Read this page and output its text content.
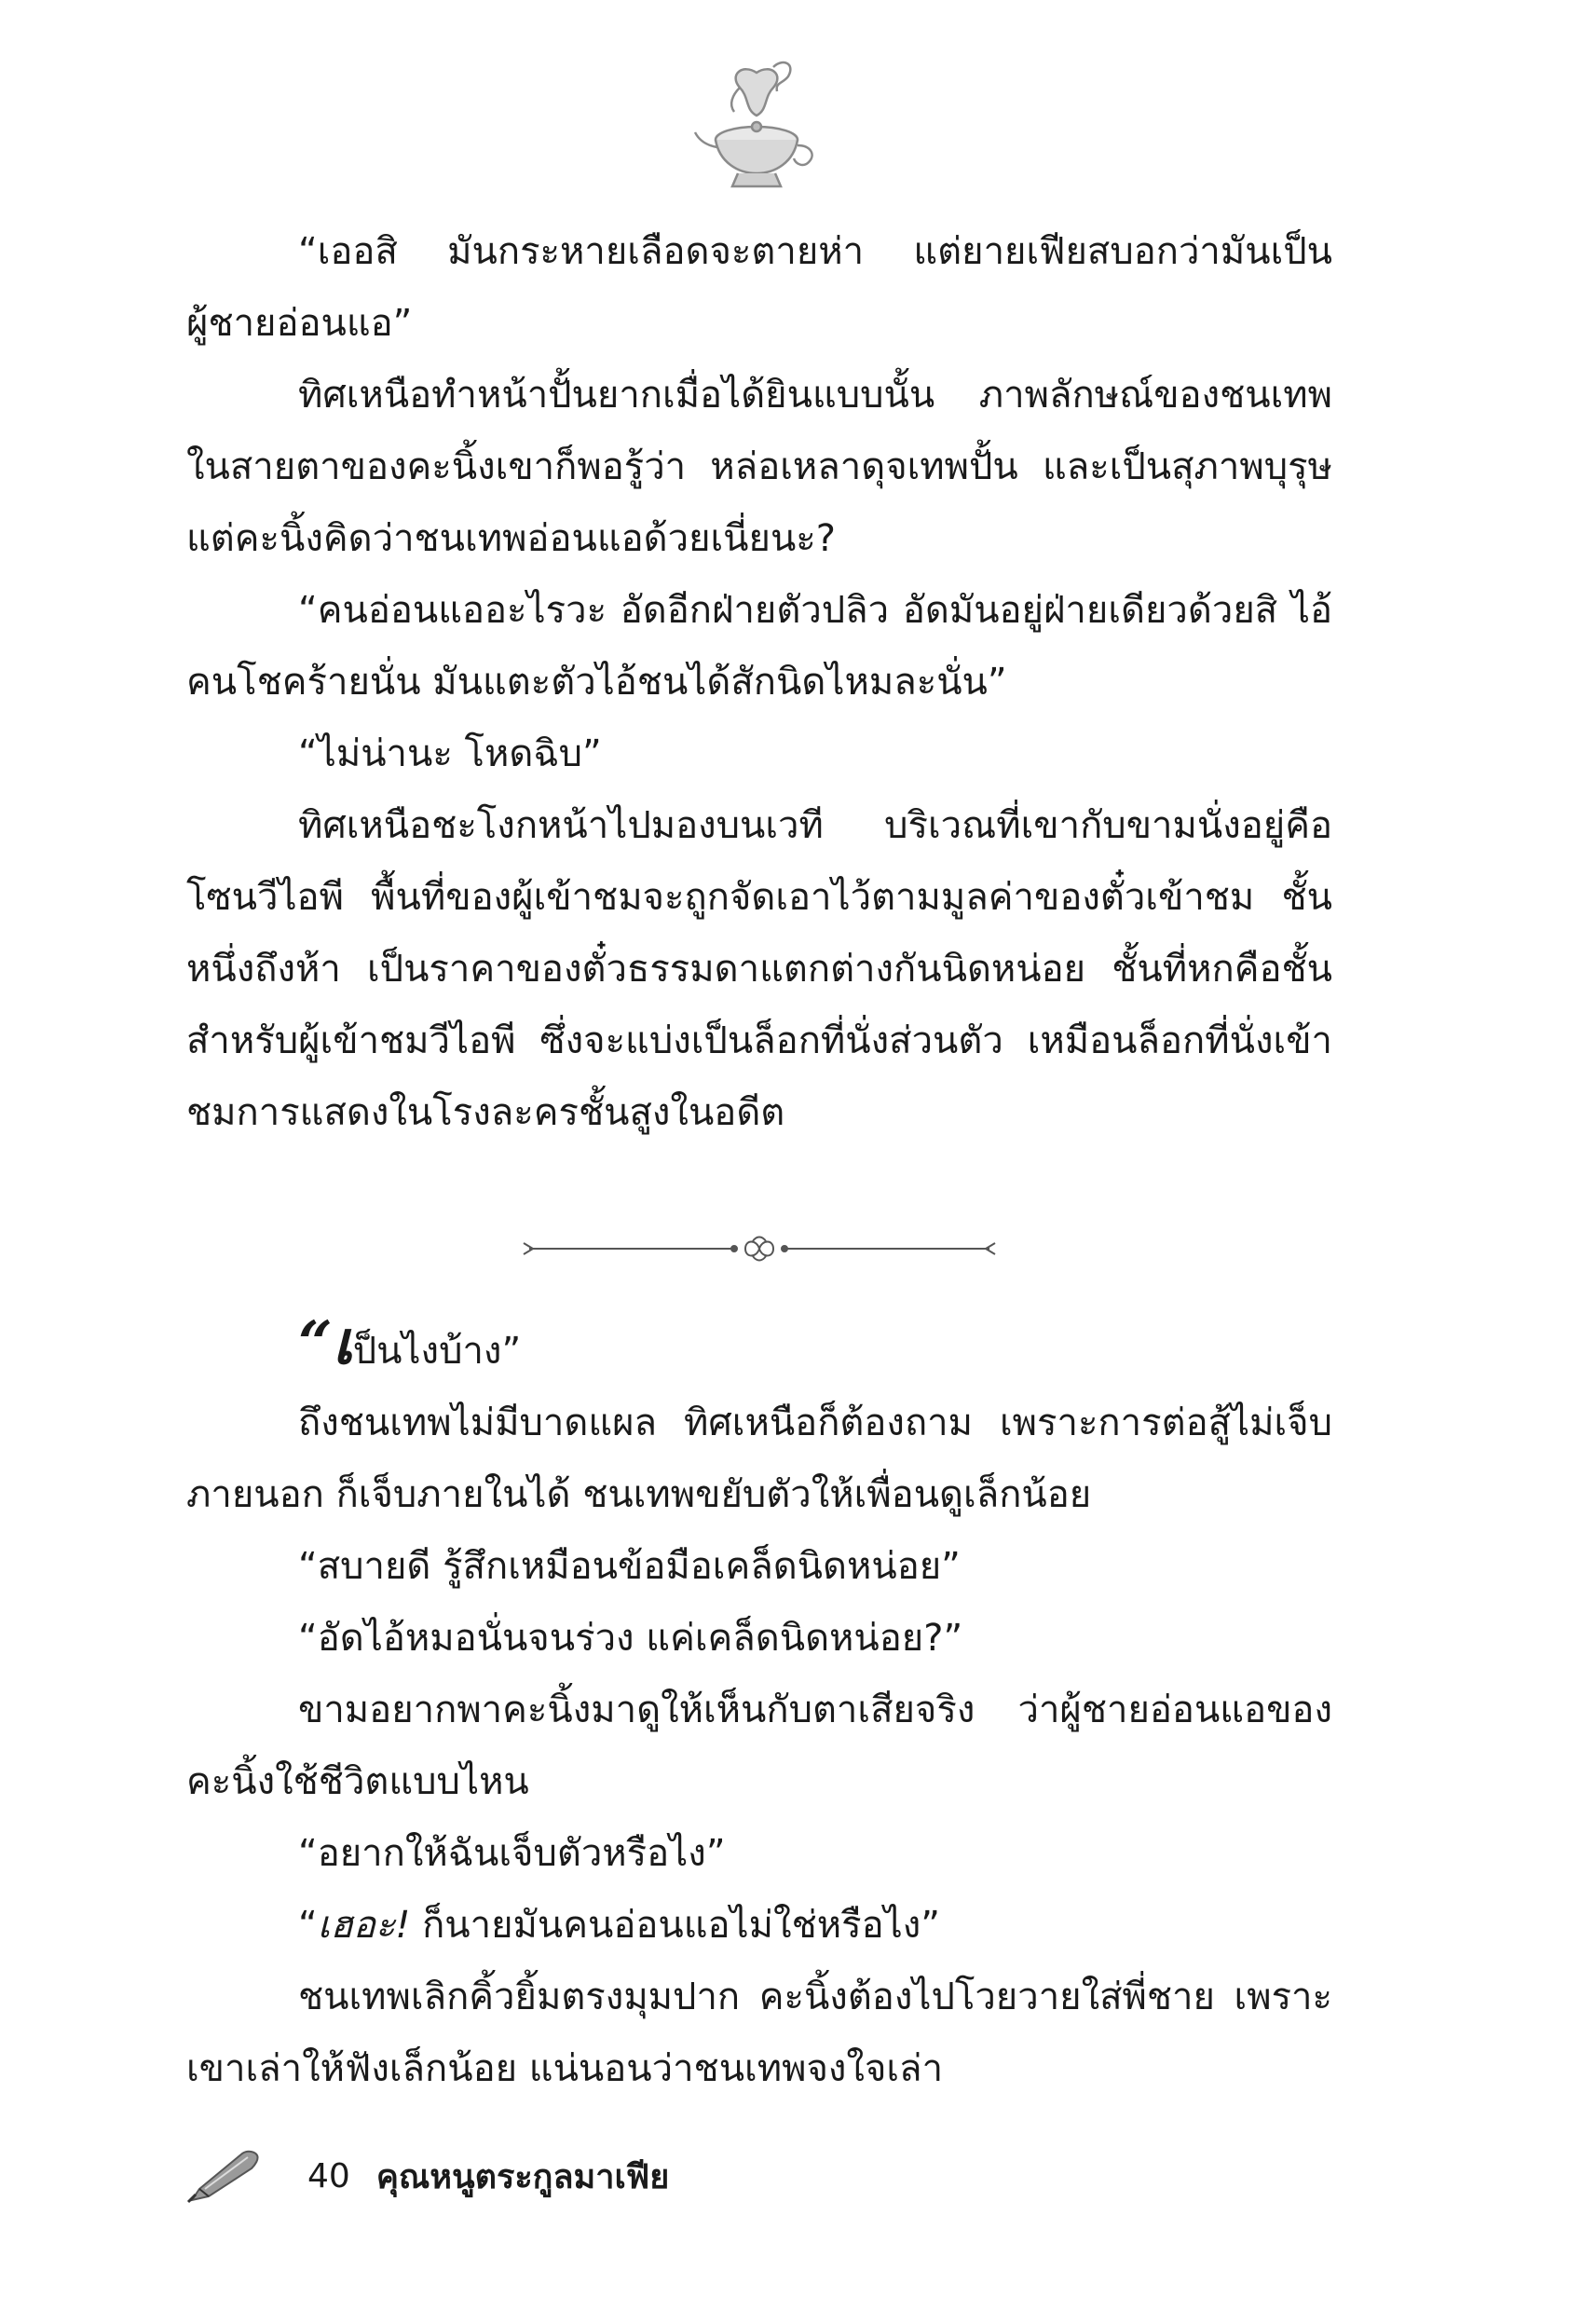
“เออสิ มันกระหายเลือดจะตายห่า แต่ยายเฟียสบอกว่ามันเป็นผู้ชายอ่อนแอ”

ทิศเหนือทำหน้าปั้นยากเมื่อได้ยินแบบนั้น ภาพลักษณ์ของชนเทพในสายตาของคะนิ้งเขาก็พอรู้ว่า หล่อเหลาดุจเทพปั้น และเป็นสุภาพบุรุษ แต่คะนิ้งคิดว่าชนเทพอ่อนแอด้วยเนี่ยนะ?

“คนอ่อนแออะไรวะ อัดอีกฝ่ายตัวปลิว อัดมันอยู่ฝ่ายเดียวด้วยสิ ไอ้คนโชคร้ายนั่น มันแตะตัวไอ้ชนได้สักนิดไหมละนั่น”

“ไม่น่านะ โหดฉิบ”

ทิศเหนือชะโงกหน้าไปมองบนเวที บริเวณที่เขากับขามนั่งอยู่คือโซนวีไอพี พื้นที่ของผู้เข้าชมจะถูกจัดเอาไว้ตามมูลค่าของตั๋วเข้าชม ชั้นหนึ่งถึงห้า เป็นราคาของตั๋วธรรมดาแตกต่างกันนิดหน่อย ชั้นที่หกคือชั้นสำหรับผู้เข้าชมวีไอพี ซึ่งจะแบ่งเป็นล็อกที่นั่งส่วนตัว เหมือนล็อกที่นั่งเข้าชมการแสดงในโรงละครชั้นสูงในอดีต

“เป็นไงบ้าง”

ถึงชนเทพไม่มีบาดแผล ทิศเหนือก็ต้องถาม เพราะการต่อสู้ไม่เจ็บภายนอก ก็เจ็บภายในได้ ชนเทพขยับตัวให้เพื่อนดูเล็กน้อย

“สบายดี รู้สึกเหมือนข้อมือเคล็ดนิดหน่อย”

“อัดไอ้หมอนั่นจนร่วง แค่เคล็ดนิดหน่อย?”

ขามอยากพาคะนิ้งมาดูให้เห็นกับตาเสียจริง ว่าผู้ชายอ่อนแอของคะนิ้งใช้ชีวิตแบบไหน

“อยากให้ฉันเจ็บตัวหรือไง”

“เฮอะ! ก็นายมันคนอ่อนแอไม่ใช่หรือไง”

ชนเทพเลิกคิ้วยิ้มตรงมุมปาก คะนิ้งต้องไปโวยวายใส่พี่ชาย เพราะเขาเล่าให้ฟังเล็กน้อย แน่นอนว่าชนเทพจงใจเล่า

40 คุณหนูตระกูลมาเฟีย
